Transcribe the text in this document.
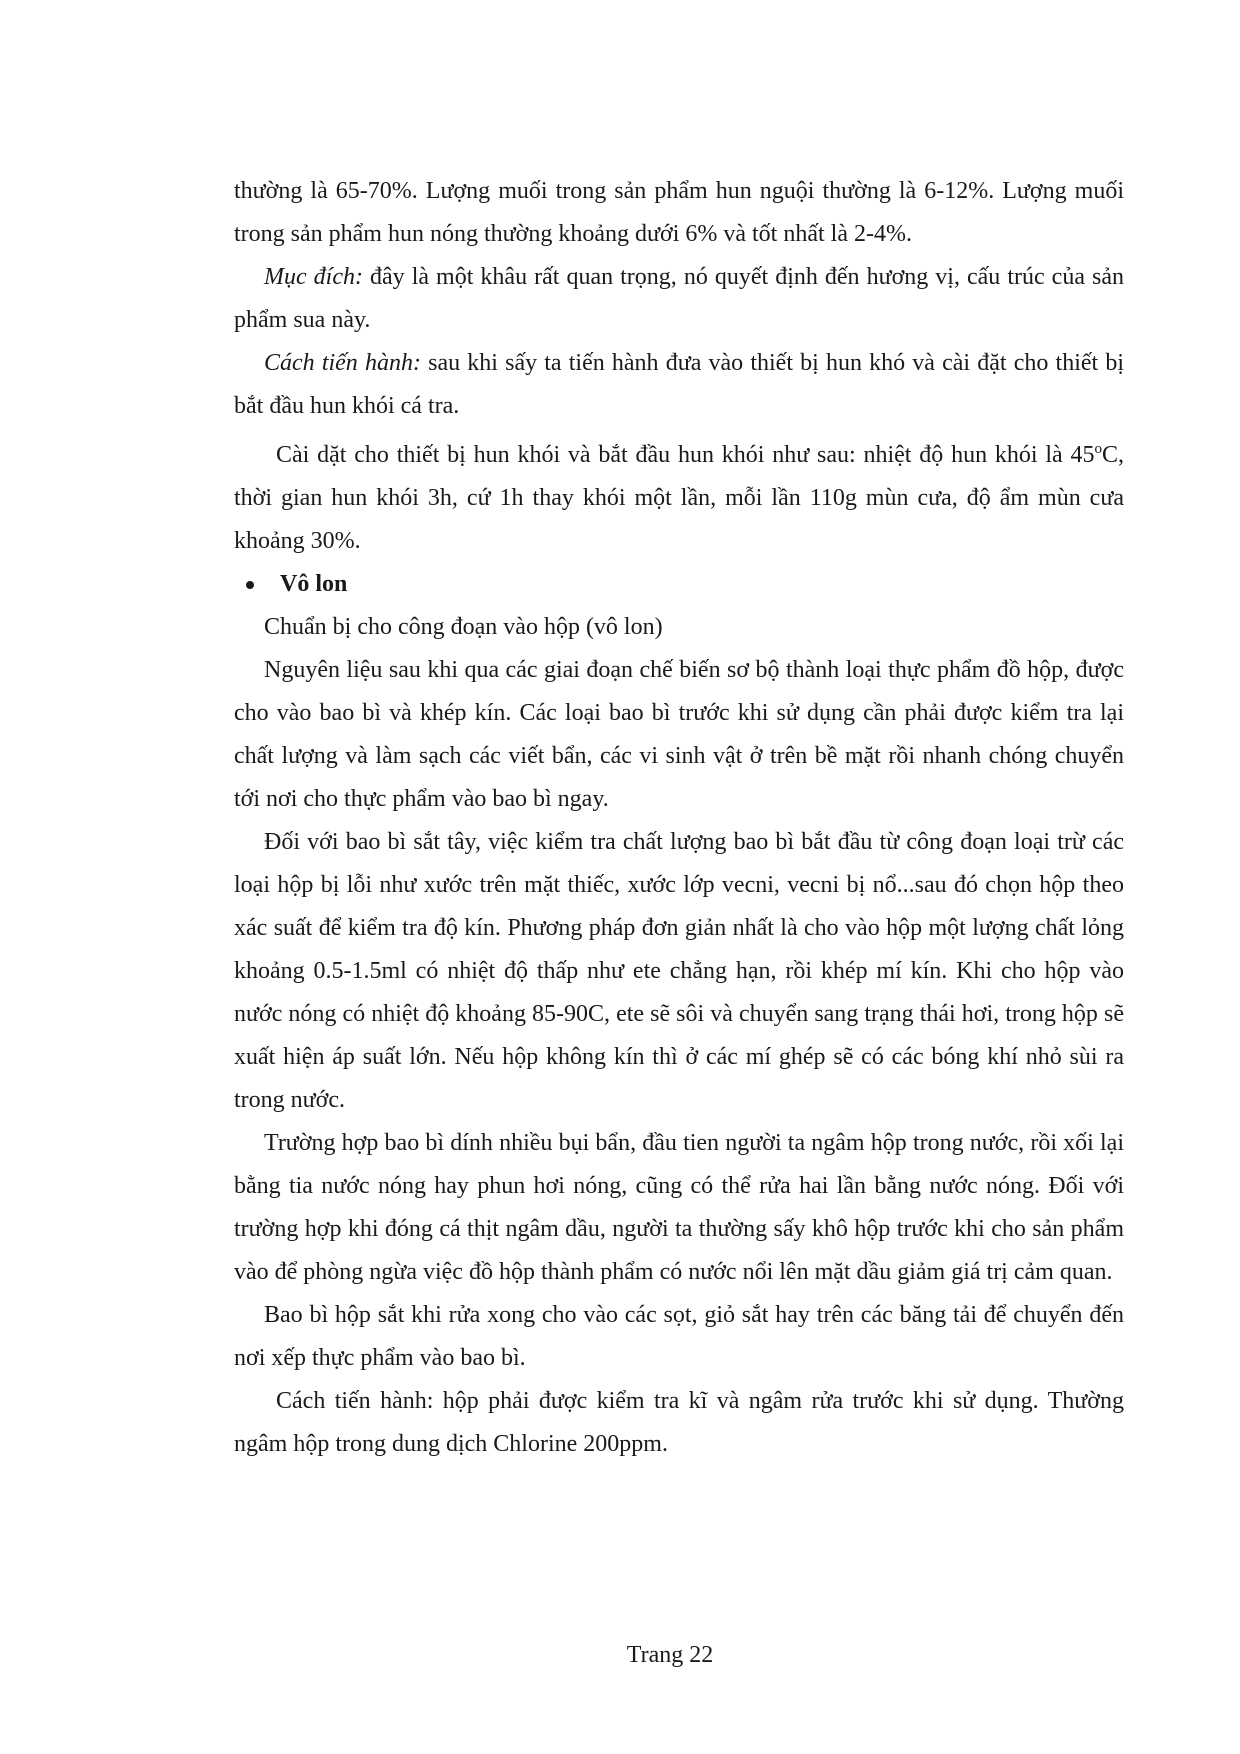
thường là 65-70%. Lượng muối trong sản phẩm hun nguội thường là 6-12%. Lượng muối trong sản phẩm hun nóng thường khoảng dưới 6% và tốt nhất là 2-4%.

Mục đích: đây là một khâu rất quan trọng, nó quyết định đến hương vị, cấu trúc của sản phẩm sua này.

Cách tiến hành: sau khi sấy ta tiến hành đưa vào thiết bị hun khó và cài đặt cho thiết bị bắt đầu hun khói cá tra.

Cài dặt cho thiết bị hun khói và bắt đầu hun khói như sau: nhiệt độ hun khói là 45$^o$C, thời gian hun khói 3h, cứ 1h thay khói một lần, mỗi lần 110g mùn cưa, độ ẩm mùn cưa khoảng 30%.

Vô lon

Chuẩn bị cho công đoạn vào hộp (vô lon)

Nguyên liệu sau khi qua các giai đoạn chế biến sơ bộ thành loại thực phẩm đồ hộp, được cho vào bao bì và khép kín. Các loại bao bì trước khi sử dụng cần phải được kiểm tra lại chất lượng và làm sạch các viết bẩn, các vi sinh vật ở trên bề mặt rồi nhanh chóng chuyển tới nơi cho thực phẩm vào bao bì ngay.

Đối với bao bì sắt tây, việc kiểm tra chất lượng bao bì bắt đầu từ công đoạn loại trừ các loại hộp bị lỗi như xước trên mặt thiếc, xước lớp vecni, vecni bị nổ...sau đó chọn hộp theo xác suất để kiểm tra độ kín. Phương pháp đơn giản nhất là cho vào hộp một lượng chất lỏng khoảng 0.5-1.5ml có nhiệt độ thấp như ete chẳng hạn, rồi khép mí kín. Khi cho hộp vào nước nóng có nhiệt độ khoảng 85-90C, ete sẽ sôi và chuyển sang trạng thái hơi, trong hộp sẽ xuất hiện áp suất lớn. Nếu hộp không kín thì ở các mí ghép sẽ có các bóng khí nhỏ sùi ra trong nước.

Trường hợp bao bì dính nhiều bụi bẩn, đầu tien người ta ngâm hộp trong nước, rồi xối lại bằng tia nước nóng hay phun hơi nóng, cũng có thể rửa hai lần bằng nước nóng. Đối với trường hợp khi đóng cá thịt ngâm dầu, người ta thường sấy khô hộp trước khi cho sản phẩm vào để phòng ngừa việc đồ hộp thành phẩm có nước nổi lên mặt dầu giảm giá trị cảm quan.

Bao bì hộp sắt khi rửa xong cho vào các sọt, giỏ sắt hay trên các băng tải để chuyển đến nơi xếp thực phẩm vào bao bì.

Cách tiến hành: hộp phải được kiểm tra kĩ và ngâm rửa trước khi sử dụng. Thường ngâm hộp trong dung dịch Chlorine 200ppm.

Trang 22
